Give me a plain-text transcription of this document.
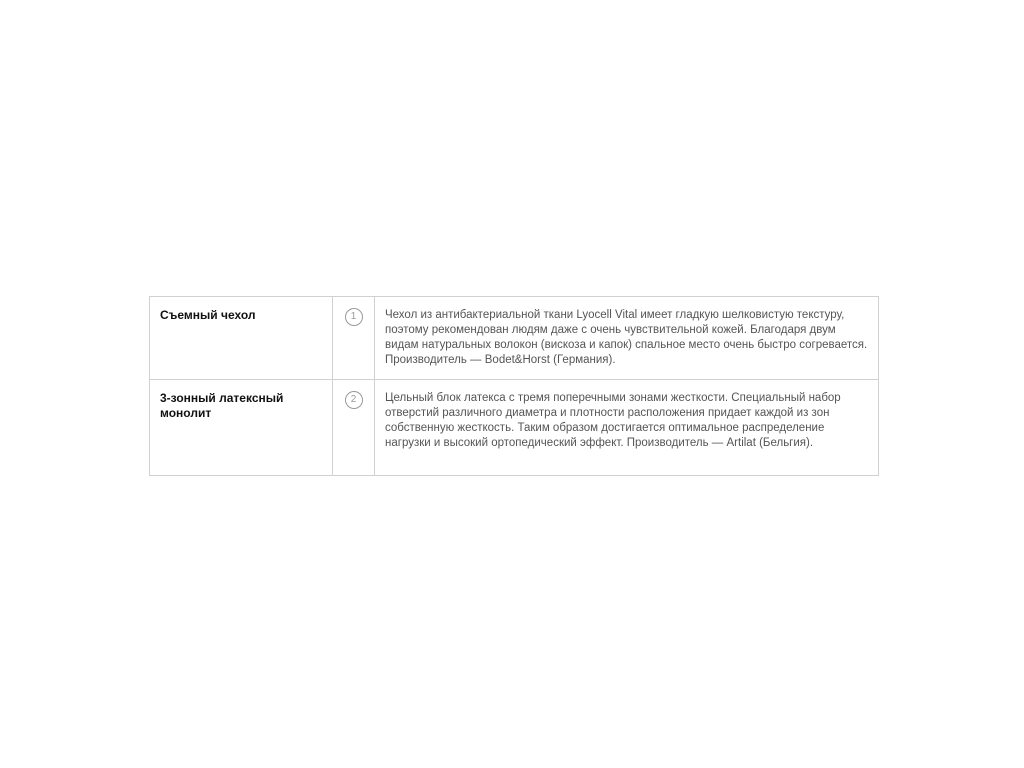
Съемный чехол	1	Чехол из антибактериальной ткани Lyocell Vital имеет гладкую шелковистую текстуру, поэтому рекомендован людям даже с очень чувствительной кожей. Благодаря двум видам натуральных волокон (вискоза и капок) спальное место очень быстро согревается. Производитель — Bodet&Horst (Германия).
3-зонный латексный монолит	2	Цельный блок латекса с тремя поперечными зонами жесткости. Специальный набор отверстий различного диаметра и плотности расположения придает каждой из зон собственную жесткость. Таким образом достигается оптимальное распределение нагрузки и высокий ортопедический эффект. Производитель — Artilat (Бельгия).
